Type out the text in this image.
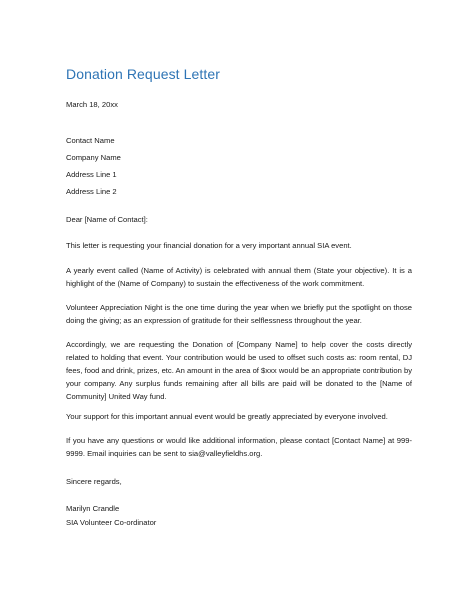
Donation Request Letter
March 18, 20xx
Contact Name
Company Name
Address Line 1
Address Line 2
Dear [Name of Contact]:
This letter is requesting your financial donation for a very important annual SIA event.
A yearly event called (Name of Activity) is celebrated with annual them (State your objective). It is a highlight of the (Name of Company) to sustain the effectiveness of the work commitment.
Volunteer Appreciation Night is the one time during the year when we briefly put the spotlight on those doing the giving; as an expression of gratitude for their selflessness throughout the year.
Accordingly, we are requesting the Donation of [Company Name] to help cover the costs directly related to holding that event. Your contribution would be used to offset such costs as: room rental, DJ fees, food and drink, prizes, etc. An amount in the area of $xxx would be an appropriate contribution by your company. Any surplus funds remaining after all bills are paid will be donated to the [Name of Community] United Way fund.
Your support for this important annual event would be greatly appreciated by everyone involved.
If you have any questions or would like additional information, please contact [Contact Name] at 999-9999. Email inquiries can be sent to sia@valleyfieldhs.org.
Sincere regards,
Marilyn Crandle
SIA Volunteer Co-ordinator
